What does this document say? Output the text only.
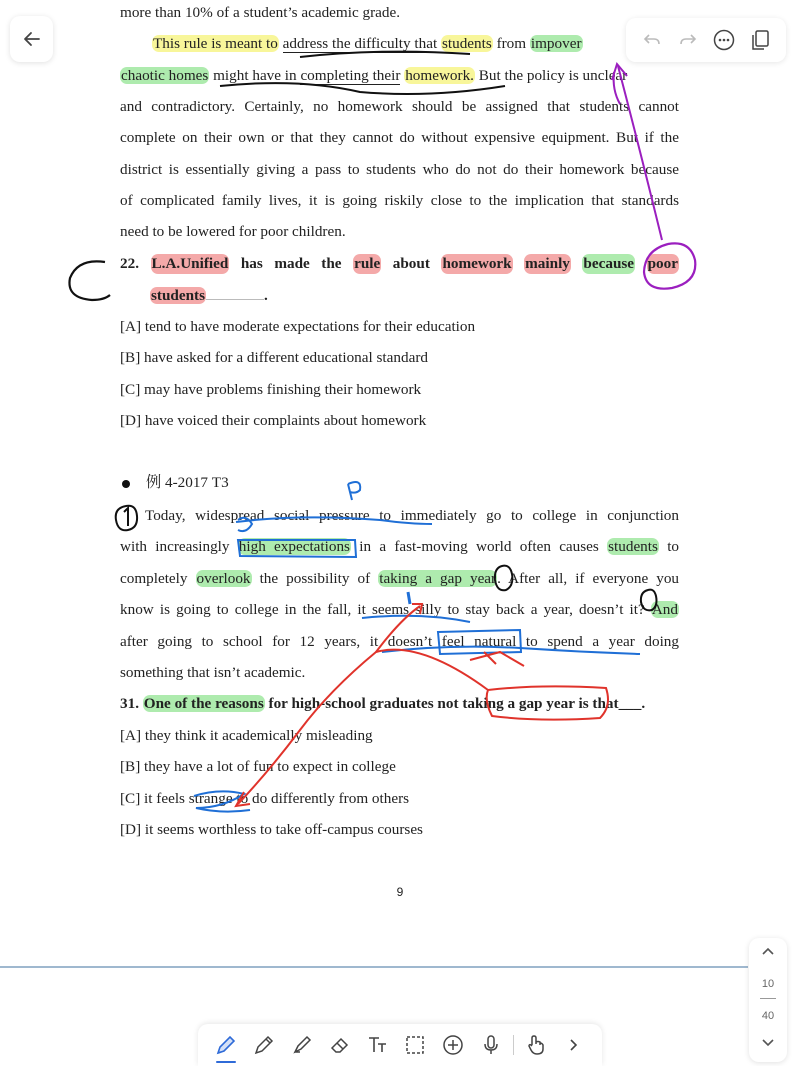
more than 10% of a student’s academic grade.
This rule is meant to address the difficulty that students from impover
chaotic homes might have in completing their homework. But the policy is unclear
and contradictory. Certainly, no homework should be assigned that students cannot
complete on their own or that they cannot do without expensive equipment. But if the
district is essentially giving a pass to students who do not do their homework because
of complicated family lives, it is going riskily close to the implication that standards
need to be lowered for poor children.
22. L.A.Unified has made the rule about homework mainly because poor
students	.
[A] tend to have moderate expectations for their education
[B] have asked for a different educational standard
[C] may have problems finishing their homework
[D] have voiced their complaints about homework
例 4-2017 T3
Today, widespread social pressure to immediately go to college in conjunction
with increasingly high expectations in a fast-moving world often causes students to
completely overlook the possibility of taking a gap year. After all, if everyone you
know is going to college in the fall, it seems silly to stay back a year, doesn’t it? And
after going to school for 12 years, it doesn’t feel natural to spend a year doing
something that isn’t academic.
31. One of the reasons for high-school graduates not taking a gap year is that___.
[A] they think it academically misleading
[B] they have a lot of fun to expect in college
[C] it feels strange to do differently from others
[D] it seems worthless to take off-campus courses
9
10
40
